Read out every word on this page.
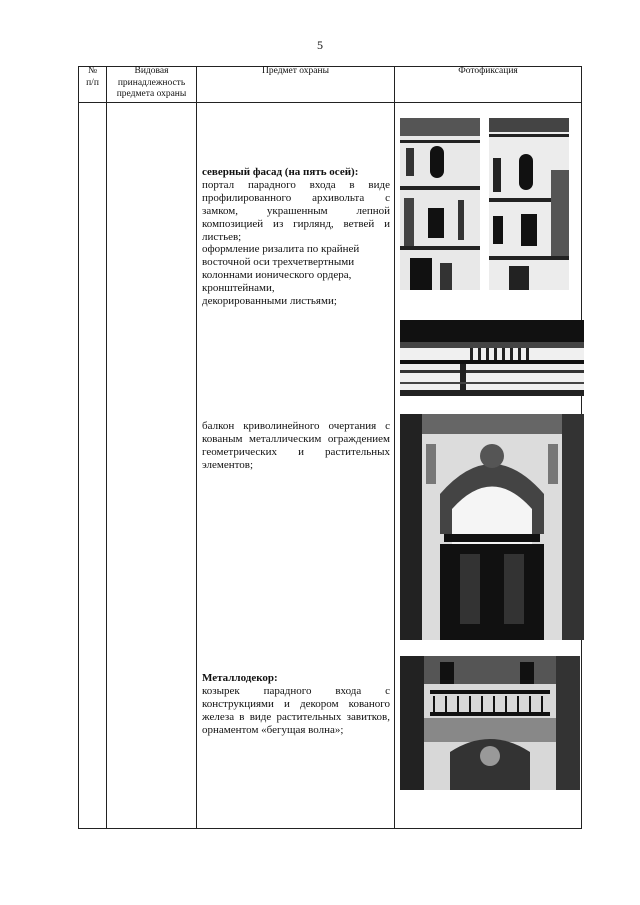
5
№
п/п
Видовая
принадлежность
предмета охраны
Предмет охраны	Фотофиксация

северный фасад (на пять осей):

портал парадного входа в виде профилированного архивольта с замком, украшенным лепной композицией из гирлянд, ветвей и листьев;

оформление ризалита по крайней восточной оси трехчетвертными колоннами ионического ордера, кронштейнами,

декорированными листьями;

балкон криволинейного очертания с кованым металлическим ограждением геометрических и растительных элементов;

Металлодекор:

козырек парадного входа с конструкциями и декором кованого железа в виде растительных завитков, орнаментом «бегущая волна»;
